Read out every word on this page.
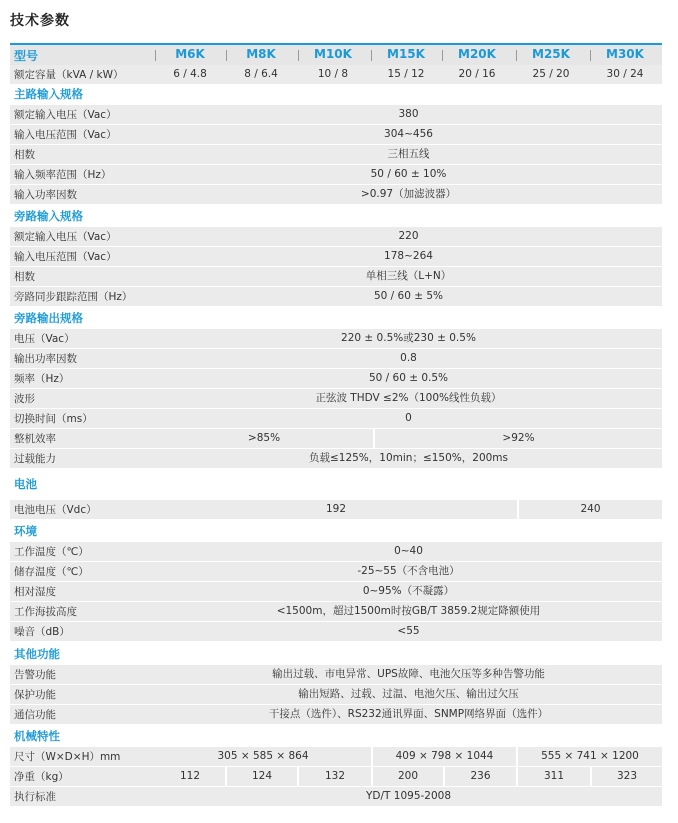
技术参数
型号	M6K	M8K	M10K	M15K	M20K	M25K	M30K
额定容量（kVA / kW）	6 / 4.8	8 / 6.4	10 / 8	15 / 12	20 / 16	25 / 20	30 / 24
主路输入规格
额定输入电压（Vac）	380
输入电压范围（Vac）	304~456
相数	三相五线
输入频率范围（Hz）	50 / 60 ± 10%
输入功率因数	>0.97（加滤波器）
旁路输入规格
额定输入电压（Vac）	220
输入电压范围（Vac）	178~264
相数	单相三线（L+N）
旁路同步跟踪范围（Hz）	50 / 60 ± 5%
旁路输出规格
电压（Vac）	220 ± 0.5%或230 ± 0.5%
输出功率因数	0.8
频率（Hz）	50 / 60 ± 0.5%
波形	正弦波 THDV ≤2%（100%线性负载）
切换时间（ms）	0
整机效率	>85%	>92%
过载能力	负载≤125%，10min；≤150%，200ms
电池
电池电压（Vdc）	192	240
环境
工作温度（℃）	0~40
储存温度（℃）	-25~55（不含电池）
相对湿度	0~95%（不凝露）
工作海拔高度	<1500m，超过1500m时按GB/T 3859.2规定降额使用
噪音（dB）	<55
其他功能
告警功能	输出过载、市电异常、UPS故障、电池欠压等多种告警功能
保护功能	输出短路、过载、过温、电池欠压、输出过欠压
通信功能	干接点（选件）、RS232通讯界面、SNMP网络界面（选件）
机械特性
尺寸（W×D×H）mm	305 × 585 × 864	409 × 798 × 1044	555 × 741 × 1200
净重（kg）	112	124	132	200	236	311	323
执行标准	YD/T 1095-2008
